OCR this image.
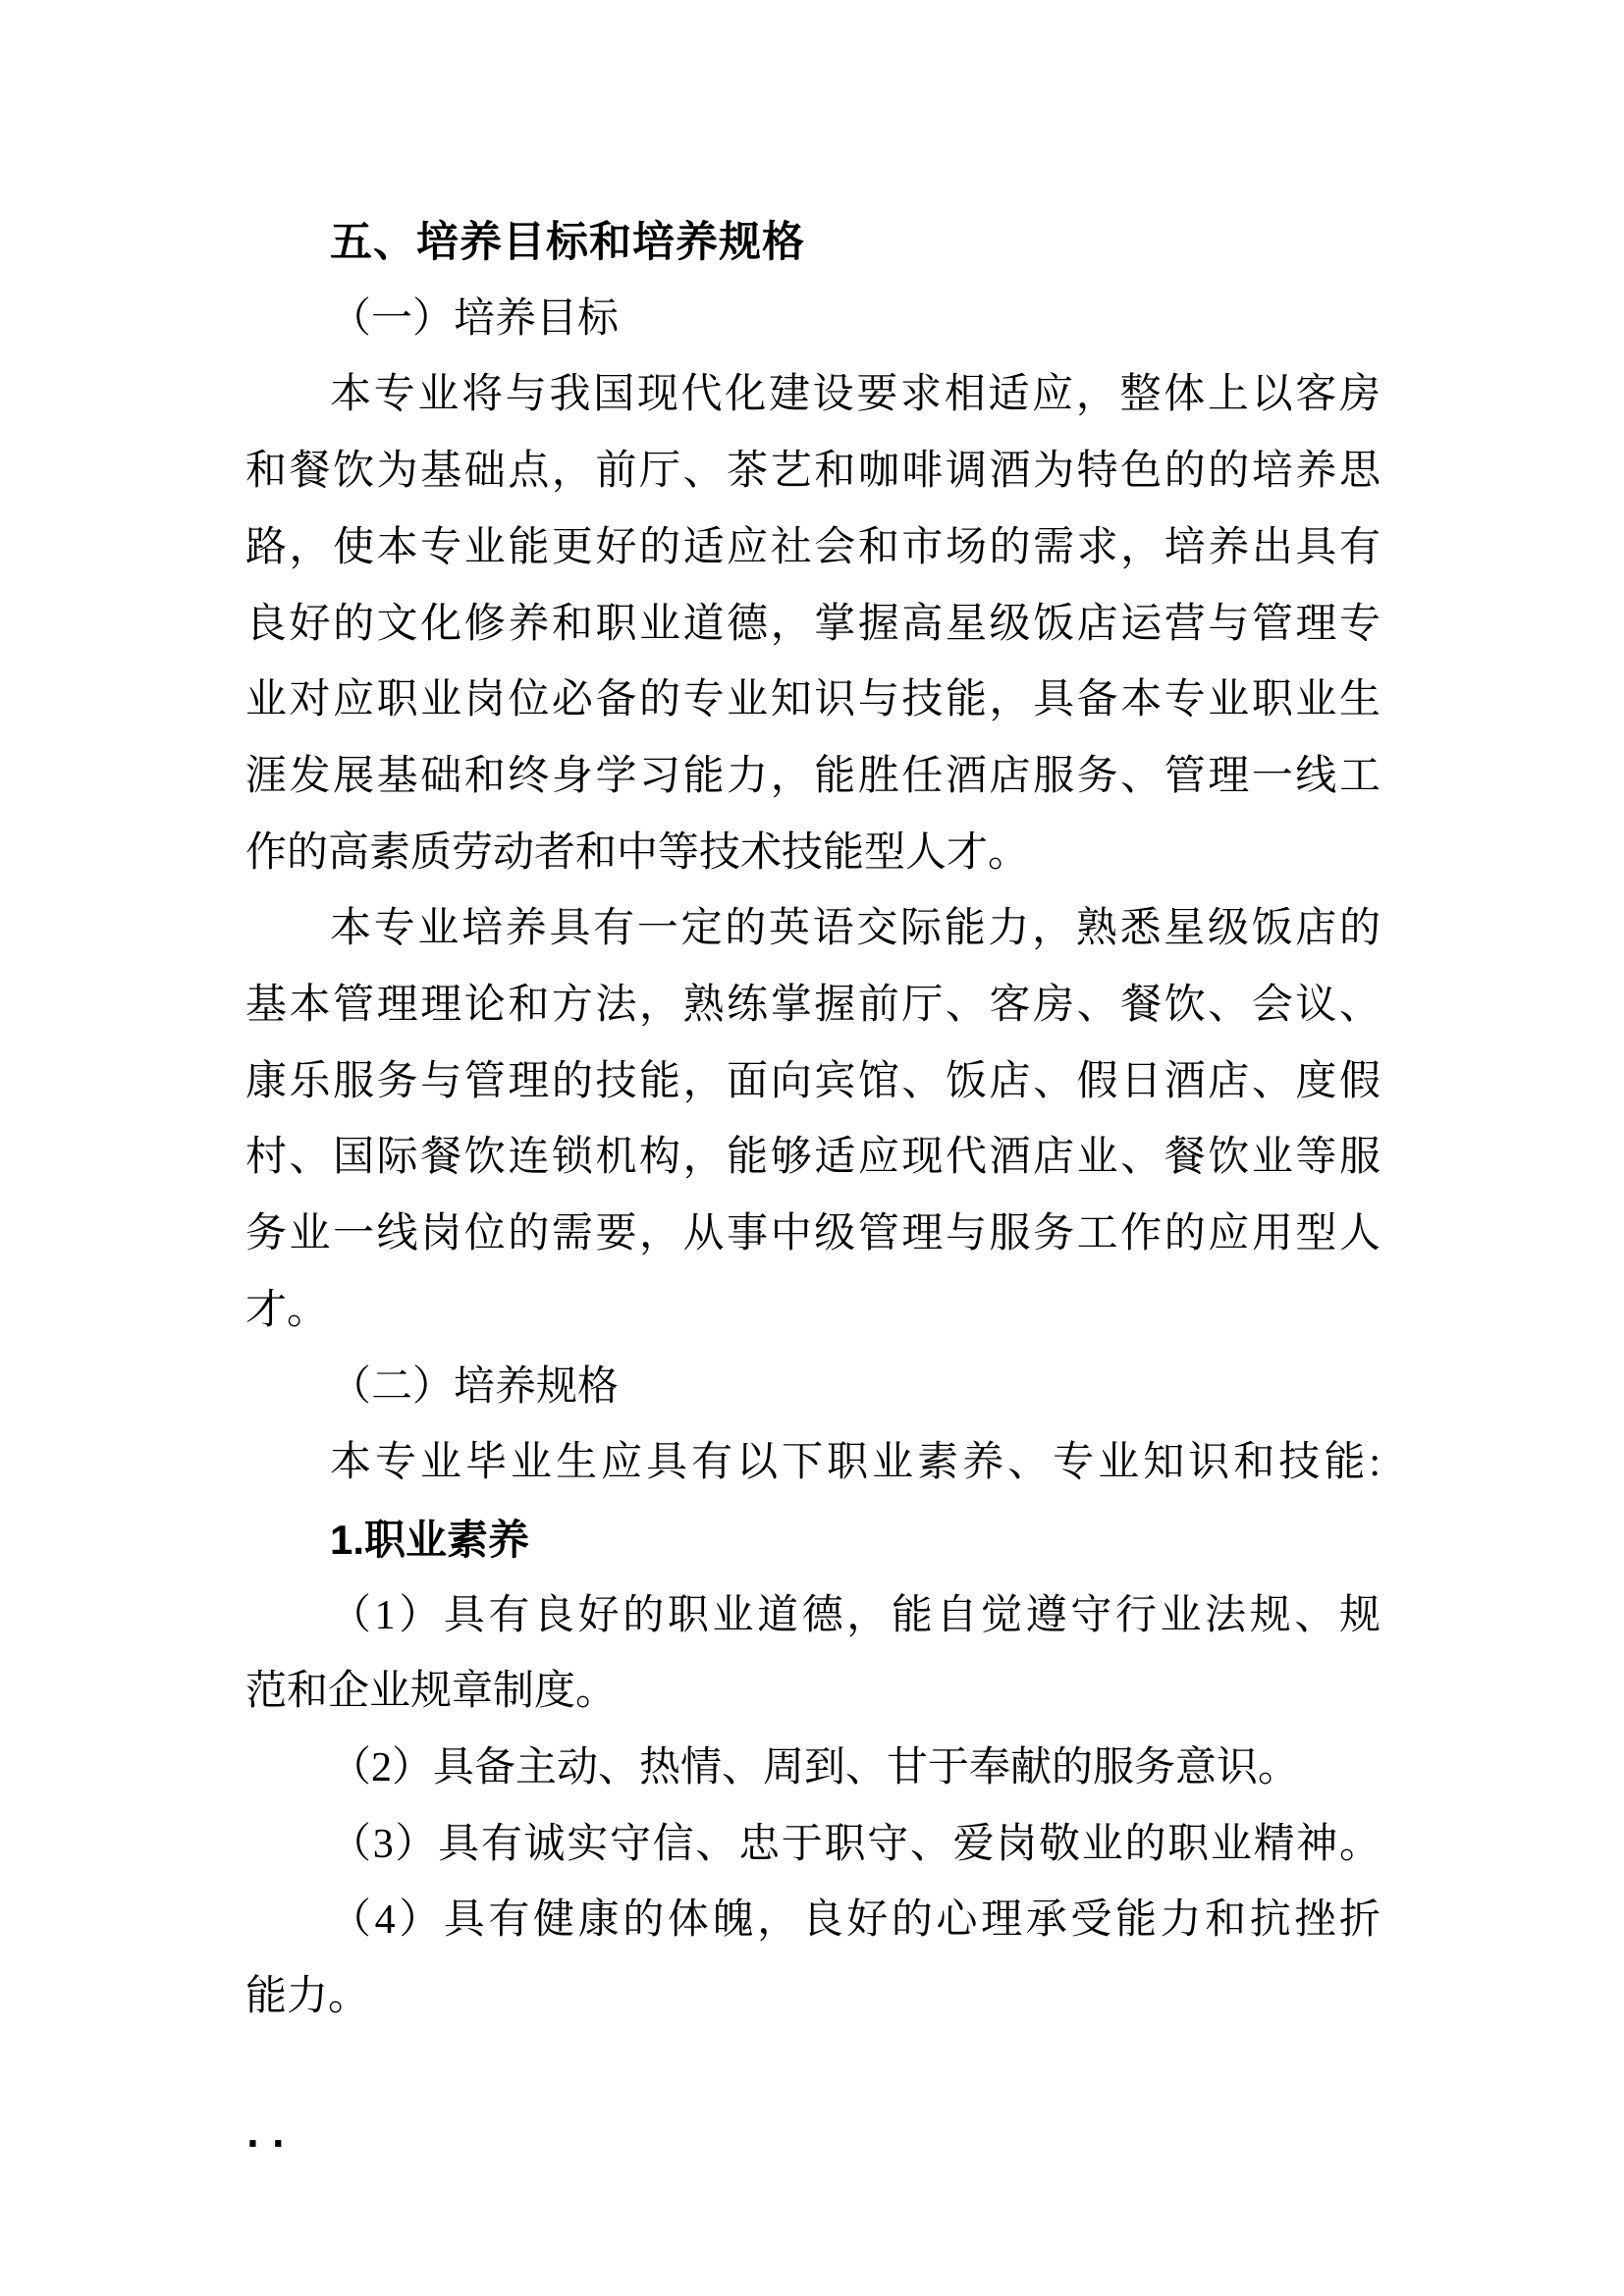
五、培养目标和培养规格
（一）培养目标
本专业将与我国现代化建设要求相适应，整体上以客房
和餐饮为基础点，前厅、茶艺和咖啡调酒为特色的的培养思
路，使本专业能更好的适应社会和市场的需求，培养出具有
良好的文化修养和职业道德，掌握高星级饭店运营与管理专
业对应职业岗位必备的专业知识与技能，具备本专业职业生
涯发展基础和终身学习能力，能胜任酒店服务、管理一线工
作的高素质劳动者和中等技术技能型人才。
本专业培养具有一定的英语交际能力，熟悉星级饭店的
基本管理理论和方法，熟练掌握前厅、客房、餐饮、会议、
康乐服务与管理的技能，面向宾馆、饭店、假日酒店、度假
村、国际餐饮连锁机构，能够适应现代酒店业、餐饮业等服
务业一线岗位的需要，从事中级管理与服务工作的应用型人
才。
（二）培养规格
本专业毕业生应具有以下职业素养、专业知识和技能:
1.职业素养
（1）具有良好的职业道德，能自觉遵守行业法规、规
范和企业规章制度。
（2）具备主动、热情、周到、甘于奉献的服务意识。
（3）具有诚实守信、忠于职守、爱岗敬业的职业精神。
（4）具有健康的体魄，良好的心理承受能力和抗挫折
能力。
..
